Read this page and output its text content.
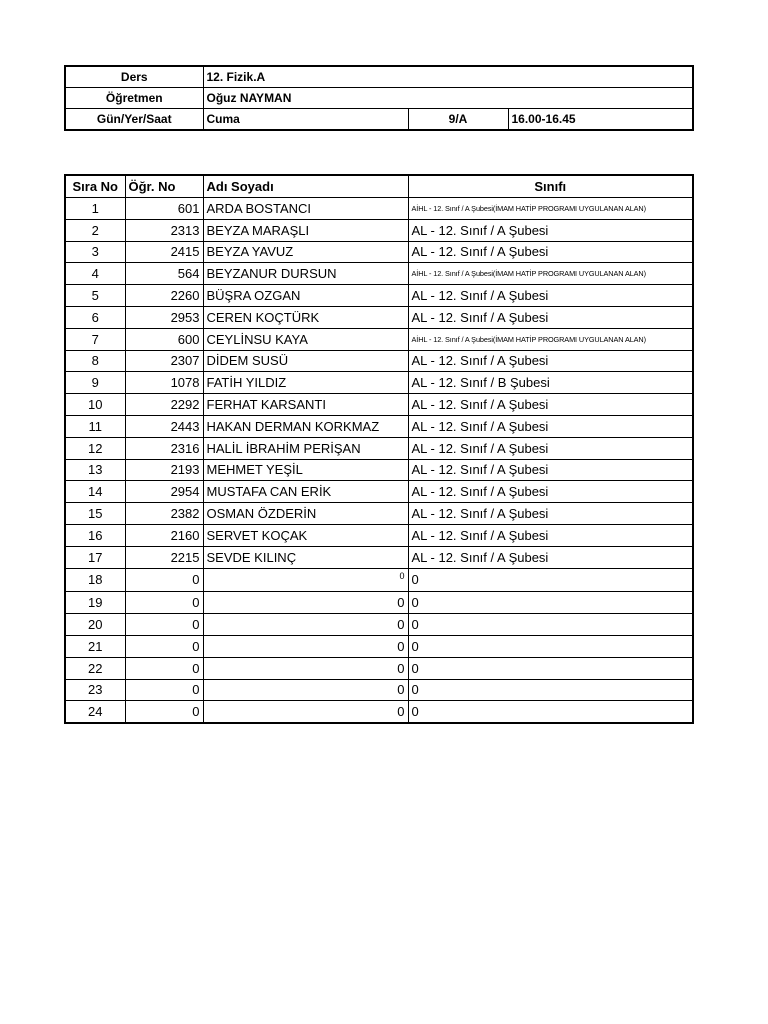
Ders	12. Fizik.A		
Öğretmen	Oğuz NAYMAN		
Gün/Yer/Saat	Cuma	9/A	16.00-16.45
Sıra No	Öğr. No	Adı Soyadı	Sınıfı
1	601	ARDA BOSTANCI	AİHL - 12. Sınıf / A Şubesi(İMAM HATİP PROGRAMI UYGULANAN ALAN)
2	2313	BEYZA MARAŞLI	AL - 12. Sınıf / A Şubesi
3	2415	BEYZA YAVUZ	AL - 12. Sınıf / A Şubesi
4	564	BEYZANUR DURSUN	AİHL - 12. Sınıf / A Şubesi(İMAM HATİP PROGRAMI UYGULANAN ALAN)
5	2260	BÜŞRA OZGAN	AL - 12. Sınıf / A Şubesi
6	2953	CEREN KOÇTÜRK	AL - 12. Sınıf / A Şubesi
7	600	CEYLİNSU KAYA	AİHL - 12. Sınıf / A Şubesi(İMAM HATİP PROGRAMI UYGULANAN ALAN)
8	2307	DİDEM SUSÜ	AL - 12. Sınıf / A Şubesi
9	1078	FATİH YILDIZ	AL - 12. Sınıf / B Şubesi
10	2292	FERHAT KARSANTI	AL - 12. Sınıf / A Şubesi
11	2443	HAKAN DERMAN KORKMAZ	AL - 12. Sınıf / A Şubesi
12	2316	HALİL İBRAHİM PERİŞAN	AL - 12. Sınıf / A Şubesi
13	2193	MEHMET YEŞİL	AL - 12. Sınıf / A Şubesi
14	2954	MUSTAFA CAN ERİK	AL - 12. Sınıf / A Şubesi
15	2382	OSMAN ÖZDERİN	AL - 12. Sınıf / A Şubesi
16	2160	SERVET KOÇAK	AL - 12. Sınıf / A Şubesi
17	2215	SEVDE KILINÇ	AL - 12. Sınıf / A Şubesi
18	0	0	0
19	0	0	0
20	0	0	0
21	0	0	0
22	0	0	0
23	0	0	0
24	0	0	0
